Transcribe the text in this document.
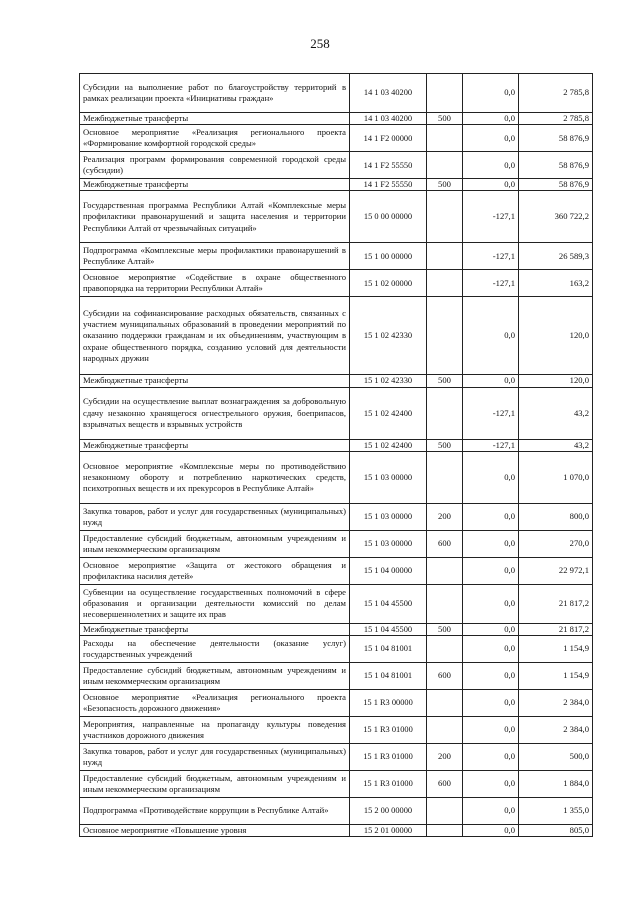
258
Субсидии на выполнение работ по благоустройству территорий в рамках реализации проекта «Инициативы граждан»	14 1 03 40200		0,0	2 785,8
Межбюджетные трансферты	14 1 03 40200	500	0,0	2 785,8
Основное мероприятие «Реализация регионального проекта «Формирование комфортной городской среды»	14 1 F2 00000		0,0	58 876,9
Реализация программ формирования современной городской среды (субсидии)	14 1 F2 55550		0,0	58 876,9
Межбюджетные трансферты	14 1 F2 55550	500	0,0	58 876,9
Государственная программа Республики Алтай «Комплексные меры профилактики правонарушений и защита населения и территории Республики Алтай от чрезвычайных ситуаций»	15 0 00 00000		-127,1	360 722,2
Подпрограмма «Комплексные меры профилактики правонарушений в Республике Алтай»	15 1 00 00000		-127,1	26 589,3
Основное мероприятие «Содействие в охране общественного правопорядка на территории Республики Алтай»	15 1 02 00000		-127,1	163,2
Субсидии на софинансирование расходных обязательств, связанных с участием муниципальных образований в проведении мероприятий по оказанию поддержки гражданам и их объединениям, участвующим в охране общественного порядка, созданию условий для деятельности народных дружин	15 1 02 42330		0,0	120,0
Межбюджетные трансферты	15 1 02 42330	500	0,0	120,0
Субсидии на осуществление выплат вознаграждения за добровольную сдачу незаконно хранящегося огнестрельного оружия, боеприпасов, взрывчатых веществ и взрывных устройств	15 1 02 42400		-127,1	43,2
Межбюджетные трансферты	15 1 02 42400	500	-127,1	43,2
Основное мероприятие «Комплексные меры по противодействию незаконному обороту и потреблению наркотических средств, психотропных веществ и их прекурсоров в Республике Алтай»	15 1 03 00000		0,0	1 070,0
Закупка товаров, работ и услуг для государственных (муниципальных) нужд	15 1 03 00000	200	0,0	800,0
Предоставление субсидий бюджетным, автономным учреждениям и иным некоммерческим организациям	15 1 03 00000	600	0,0	270,0
Основное мероприятие «Защита от жестокого обращения и профилактика насилия детей»	15 1 04 00000		0,0	22 972,1
Субвенции на осуществление государственных полномочий в сфере образования и организации деятельности комиссий по делам несовершеннолетних и защите их прав	15 1 04 45500		0,0	21 817,2
Межбюджетные трансферты	15 1 04 45500	500	0,0	21 817,2
Расходы на обеспечение деятельности (оказание услуг) государственных учреждений	15 1 04 81001		0,0	1 154,9
Предоставление субсидий бюджетным, автономным учреждениям и иным некоммерческим организациям	15 1 04 81001	600	0,0	1 154,9
Основное мероприятие «Реализация регионального проекта «Безопасность дорожного движения»	15 1 R3 00000		0,0	2 384,0
Мероприятия, направленные на пропаганду культуры поведения участников дорожного движения	15 1 R3 01000		0,0	2 384,0
Закупка товаров, работ и услуг для государственных (муниципальных) нужд	15 1 R3 01000	200	0,0	500,0
Предоставление субсидий бюджетным, автономным учреждениям и иным некоммерческим организациям	15 1 R3 01000	600	0,0	1 884,0
Подпрограмма «Противодействие коррупции в Республике Алтай»	15 2 00 00000		0,0	1 355,0
Основное мероприятие «Повышение уровня	15 2 01 00000		0,0	805,0
